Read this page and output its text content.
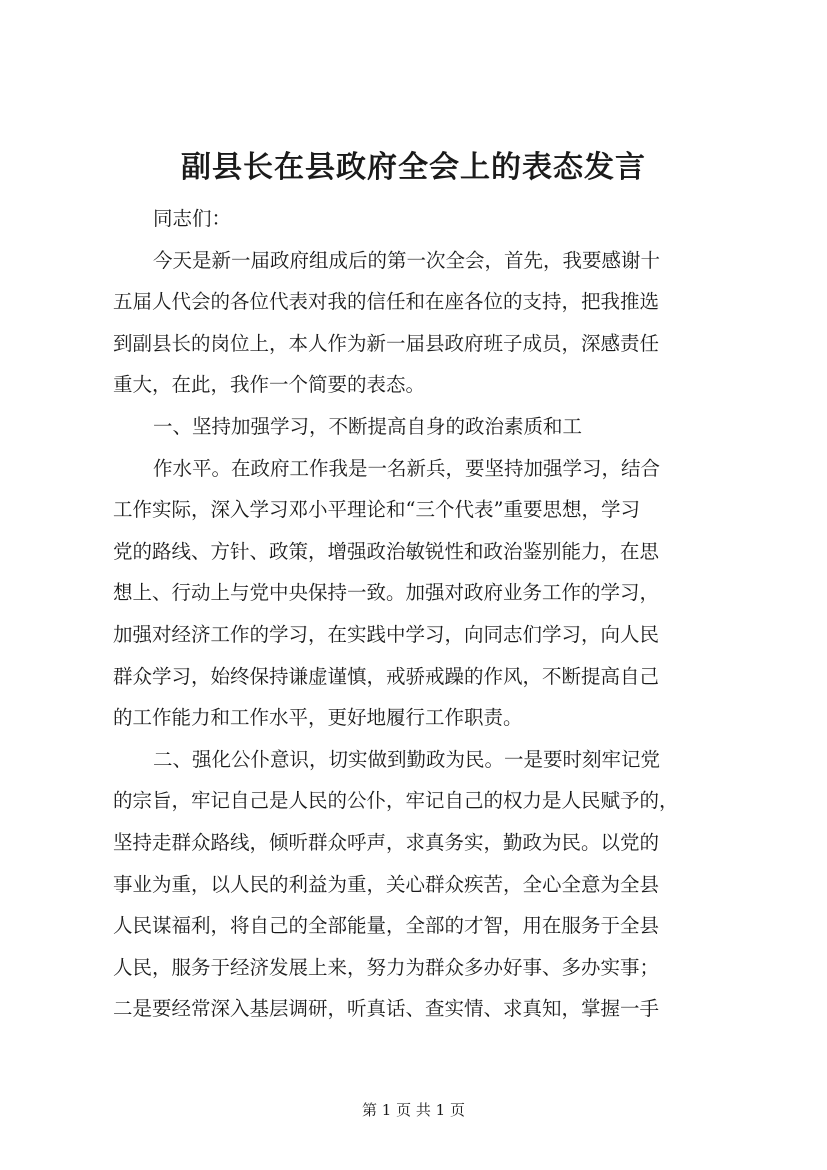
副县长在县政府全会上的表态发言
同志们：
今天是新一届政府组成后的第一次全会，首先，我要感谢十
五届人代会的各位代表对我的信任和在座各位的支持，把我推选
到副县长的岗位上，本人作为新一届县政府班子成员，深感责任
重大，在此，我作一个简要的表态。
一、坚持加强学习，不断提高自身的政治素质和工
作水平。在政府工作我是一名新兵，要坚持加强学习，结合
工作实际，深入学习邓小平理论和“三个代表”重要思想，学习
党的路线、方针、政策，增强政治敏锐性和政治鉴别能力，在思
想上、行动上与党中央保持一致。加强对政府业务工作的学习，
加强对经济工作的学习，在实践中学习，向同志们学习，向人民
群众学习，始终保持谦虚谨慎，戒骄戒躁的作风，不断提高自己
的工作能力和工作水平，更好地履行工作职责。
二、强化公仆意识，切实做到勤政为民。一是要时刻牢记党
的宗旨，牢记自己是人民的公仆，牢记自己的权力是人民赋予的，
坚持走群众路线，倾听群众呼声，求真务实，勤政为民。以党的
事业为重，以人民的利益为重，关心群众疾苦，全心全意为全县
人民谋福利，将自己的全部能量，全部的才智，用在服务于全县
人民，服务于经济发展上来，努力为群众多办好事、多办实事；
二是要经常深入基层调研，听真话、查实情、求真知，掌握一手
第 1 页 共 1 页
